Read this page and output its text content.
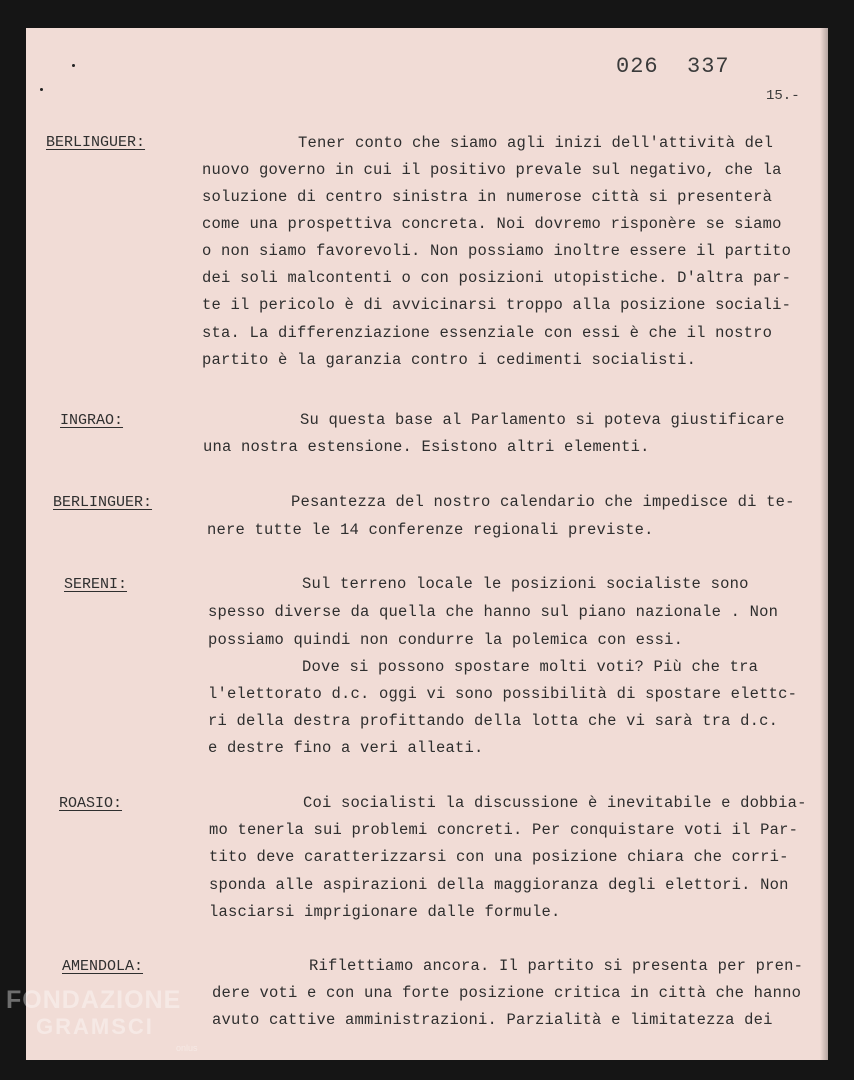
026  337
15.-
BERLINGUER:	Tener conto che siamo agli inizi dell'attività del
nuovo governo in cui il positivo prevale sul negativo, che la
soluzione di centro sinistra in numerose città si presenterà
come una prospettiva concreta. Noi dovremo risponère se siamo
o non siamo favorevoli. Non possiamo inoltre essere il partito
dei soli malcontenti o con posizioni utopistiche. D'altra par-
te il pericolo è di avvicinarsi troppo alla posizione sociali-
sta. La differenziazione essenziale con essi è che il nostro
partito è la garanzia contro i cedimenti socialisti.
INGRAO:	Su questa base al Parlamento si poteva giustificare
una nostra estensione. Esistono altri elementi.
BERLINGUER:	Pesantezza del nostro calendario che impedisce di te-
nere tutte le 14 conferenze regionali previste.
SERENI:	Sul terreno locale le posizioni socialiste sono
spesso diverse da quella che hanno sul piano nazionale . Non
possiamo quindi non condurre la polemica con essi.
Dove si possono spostare molti voti? Più che tra
l'elettorato d.c. oggi vi sono possibilità di spostare elettc-
ri della destra profittando della lotta che vi sarà tra d.c.
e destre fino a veri alleati.
ROASIO:	Coi socialisti la discussione è inevitabile e dobbia-
mo tenerla sui problemi concreti. Per conquistare voti il Par-
tito deve caratterizzarsi con una posizione chiara che corri-
sponda alle aspirazioni della maggioranza degli elettori. Non
lasciarsi imprigionare dalle formule.
AMENDOLA:	Riflettiamo ancora. Il partito si presenta per pren-
dere voti e con una forte posizione critica in città che hanno
avuto cattive amministrazioni. Parzialità e limitatezza dei
FONDAZIONE
GRAMSCI
onlus
